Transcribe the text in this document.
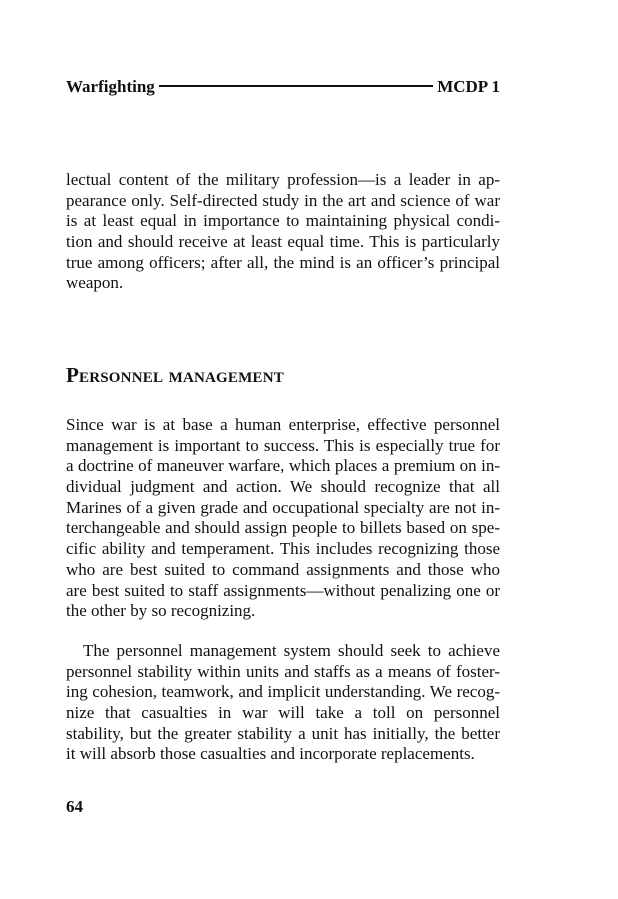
Warfighting	MCDP 1
lectual content of the military profession—is a leader in ap-
pearance only. Self-directed study in the art and science of war
is at least equal in importance to maintaining physical condi-
tion and should receive at least equal time. This is particularly
true among officers; after all, the mind is an officer’s principal
weapon.
Personnel management
Since war is at base a human enterprise, effective personnel
management is important to success. This is especially true for
a doctrine of maneuver warfare, which places a premium on in-
dividual judgment and action. We should recognize that all
Marines of a given grade and occupational specialty are not in-
terchangeable and should assign people to billets based on spe-
cific ability and temperament. This includes recognizing those
who are best suited to command assignments and those who
are best suited to staff assignments—without penalizing one or
the other by so recognizing.
The personnel management system should seek to achieve
personnel stability within units and staffs as a means of foster-
ing cohesion, teamwork, and implicit understanding. We recog-
nize that casualties in war will take a toll on personnel
stability, but the greater stability a unit has initially, the better
it will absorb those casualties and incorporate replacements.
64
